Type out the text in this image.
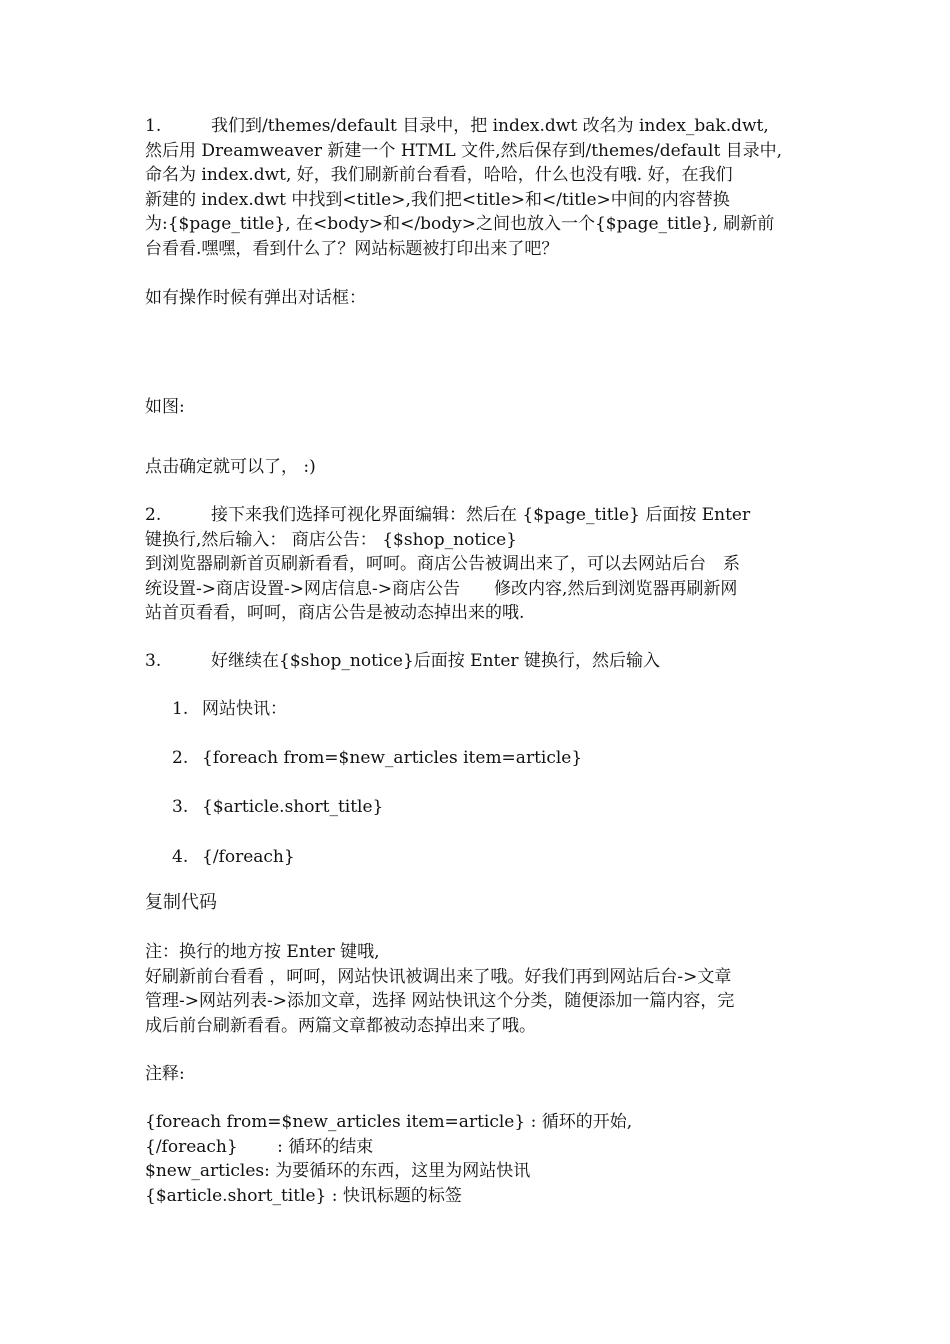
1.	我们到/themes/default 目录中，把 index.dwt 改名为 index_bak.dwt,
然后用 Dreamweaver 新建一个 HTML 文件,然后保存到/themes/default 目录中,
命名为 index.dwt, 好，我们刷新前台看看，哈哈，什么也没有哦. 好，在我们
新建的 index.dwt 中找到<title>,我们把<title>和</title>中间的内容替换
为:{$page_title}, 在<body>和</body>之间也放入一个{$page_title}, 刷新前
台看看.嘿嘿，看到什么了？网站标题被打印出来了吧？
如有操作时候有弹出对话框：
如图:
点击确定就可以了， :)
2.	接下来我们选择可视化界面编辑：然后在 {$page_title} 后面按 Enter
键换行,然后输入： 商店公告： {$shop_notice}
到浏览器刷新首页刷新看看，呵呵。商店公告被调出来了，可以去网站后台　系
统设置->商店设置->网店信息->商店公告　　修改内容,然后到浏览器再刷新网
站首页看看，呵呵，商店公告是被动态掉出来的哦.
3.	好继续在{$shop_notice}后面按 Enter 键换行，然后输入
1. 网站快讯：
2. {foreach from=$new_articles item=article}
3. {$article.short_title}
4. {/foreach}
复制代码
注：换行的地方按 Enter 键哦,
好刷新前台看看 ，呵呵，网站快讯被调出来了哦。好我们再到网站后台->文章
管理->网站列表->添加文章，选择 网站快讯这个分类，随便添加一篇内容，完
成后前台刷新看看。两篇文章都被动态掉出来了哦。
注释:
{foreach from=$new_articles item=article} : 循环的开始,
{/foreach}　　 : 循环的结束
$new_articles: 为要循环的东西，这里为网站快讯
{$article.short_title} : 快讯标题的标签
